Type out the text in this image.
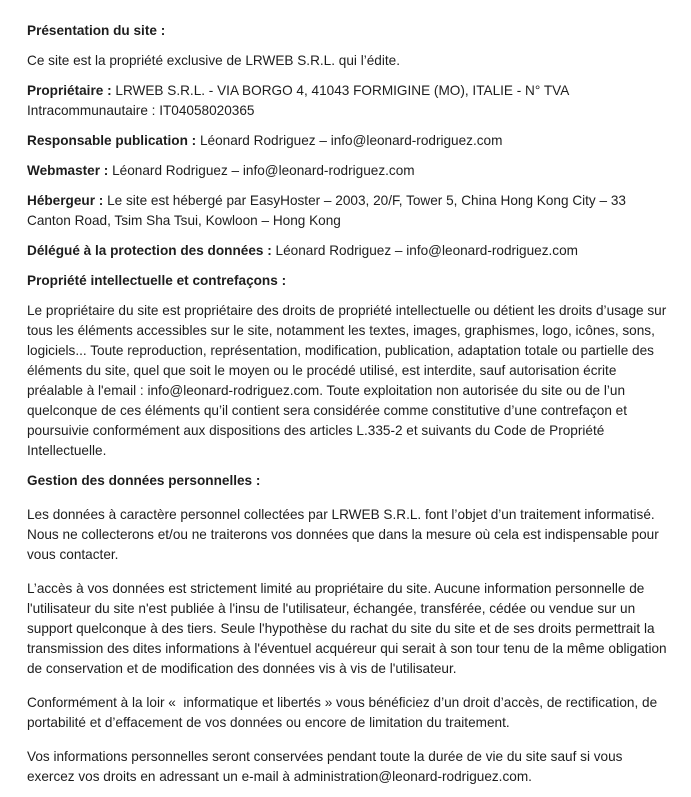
Présentation du site :

Ce site est la propriété exclusive de LRWEB S.R.L. qui l’édite.

Propriétaire : LRWEB S.R.L. - VIA BORGO 4, 41043 FORMIGINE (MO), ITALIE - N° TVA Intracommunautaire : IT04058020365

Responsable publication : Léonard Rodriguez – info@leonard-rodriguez.com

Webmaster : Léonard Rodriguez – info@leonard-rodriguez.com

Hébergeur : Le site est hébergé par EasyHoster – 2003, 20/F, Tower 5, China Hong Kong City – 33 Canton Road, Tsim Sha Tsui, Kowloon – Hong Kong

Délégué à la protection des données : Léonard Rodriguez – info@leonard-rodriguez.com

Propriété intellectuelle et contrefaçons :

Le propriétaire du site est propriétaire des droits de propriété intellectuelle ou détient les droits d’usage sur tous les éléments accessibles sur le site, notamment les textes, images, graphismes, logo, icônes, sons, logiciels... Toute reproduction, représentation, modification, publication, adaptation totale ou partielle des éléments du site, quel que soit le moyen ou le procédé utilisé, est interdite, sauf autorisation écrite préalable à l'email : info@leonard-rodriguez.com. Toute exploitation non autorisée du site ou de l’un quelconque de ces éléments qu’il contient sera considérée comme constitutive d’une contrefaçon et poursuivie conformément aux dispositions des articles L.335-2 et suivants du Code de Propriété Intellectuelle.

Gestion des données personnelles :

Les données à caractère personnel collectées par LRWEB S.R.L. font l’objet d’un traitement informatisé. Nous ne collecterons et/ou ne traiterons vos données que dans la mesure où cela est indispensable pour vous contacter.

L’accès à vos données est strictement limité au propriétaire du site. Aucune information personnelle de l'utilisateur du site n'est publiée à l'insu de l'utilisateur, échangée, transférée, cédée ou vendue sur un support quelconque à des tiers. Seule l'hypothèse du rachat du site du site et de ses droits permettrait la transmission des dites informations à l'éventuel acquéreur qui serait à son tour tenu de la même obligation de conservation et de modification des données vis à vis de l'utilisateur.

Conformément à la loir «  informatique et libertés » vous bénéficiez d’un droit d’accès, de rectification, de portabilité et d’effacement de vos données ou encore de limitation du traitement.

Vos informations personnelles seront conservées pendant toute la durée de vie du site sauf si vous exercez vos droits en adressant un e-mail à administration@leonard-rodriguez.com.
